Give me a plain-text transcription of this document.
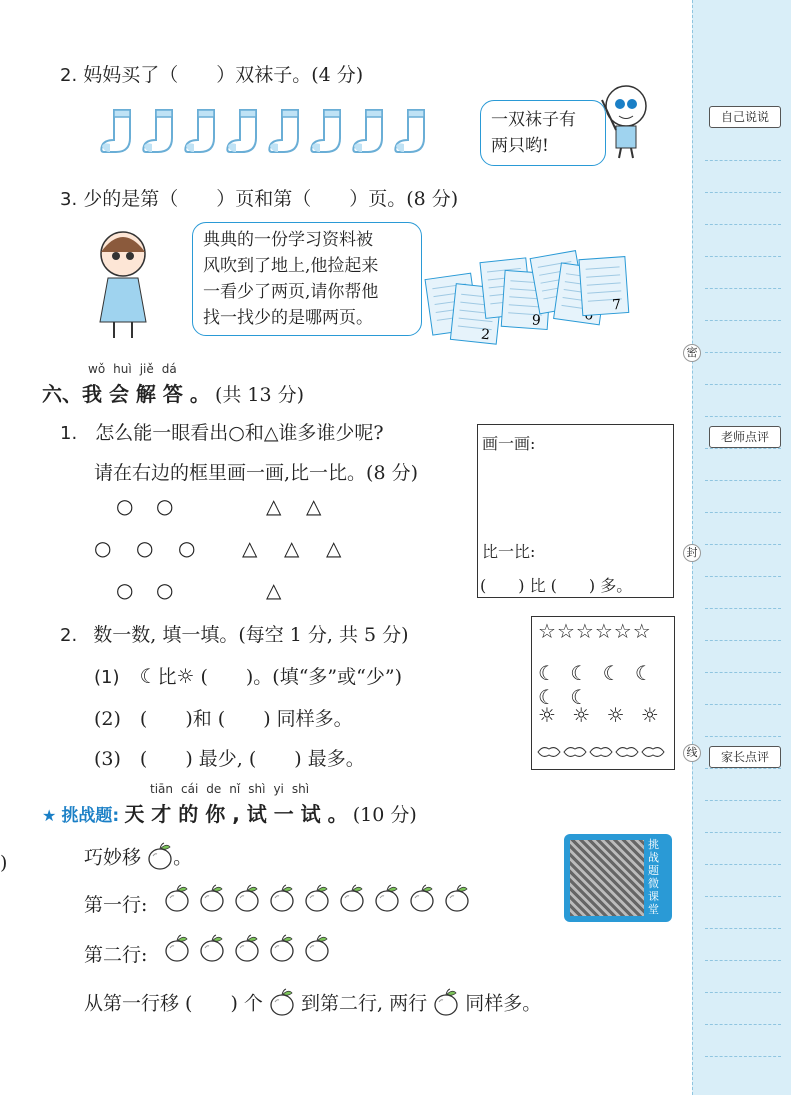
2. 妈妈买了（　　）双袜子。(4 分)
一双袜子有
两只哟!
3. 少的是第（　　）页和第（　　）页。(8 分)
典典的一份学习资料被
风吹到了地上,他捡起来
一看少了两页,请你帮他
找一找少的是哪两页。
2
9
7
wǒ huì jiě dá
六、我 会 解 答 。 (共 13 分)
1. 怎么能一眼看出○和△谁多谁少呢?
请在右边的框里画一画,比一比。(8 分)
○ ○	△ △
○ ○ ○ △ △ △
○ ○	△
画一画:
比一比:
(　　) 比 (　　) 多。
2. 数一数, 填一填。(每空 1 分, 共 5 分)
(1) ☾比☼ (　　)。(填“多”或“少”)
(2)　(　　)和 (　　) 同样多。
(3)　(　　) 最少, (　　) 最多。
☆☆☆☆☆☆
☾ ☾ ☾ ☾ ☾ ☾
☼ ☼ ☼ ☼
tiān cái de nǐ shì yi shì
★ 挑战题: 天 才 的 你 , 试 一 试 。 (10 分)
巧妙移 。
第一行:
第二行:
从第一行移 (　　) 个 到第二行, 两行 同样多。
挑战题微课堂
)
自己说说
老师点评
家长点评
密
封
线
